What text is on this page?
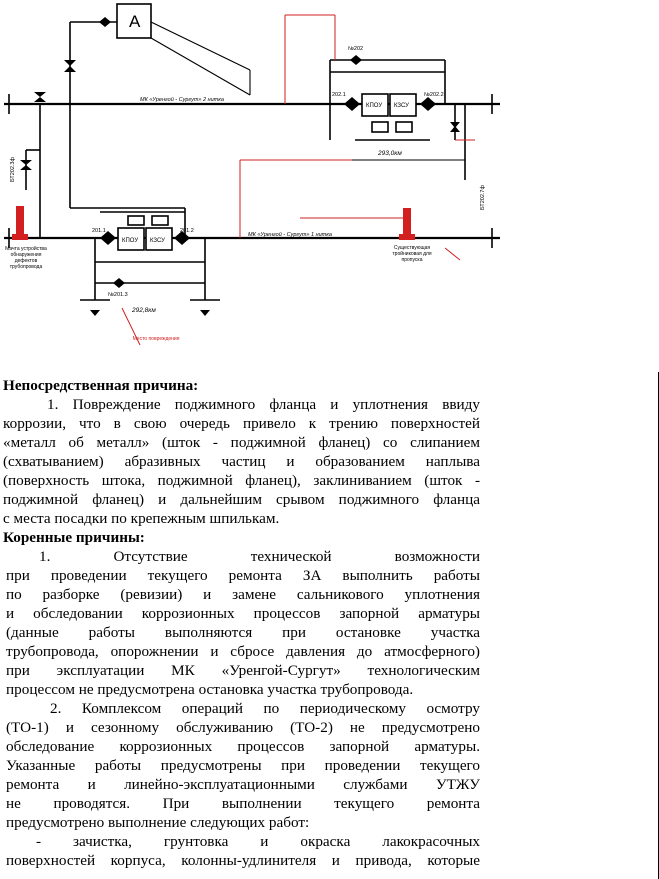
A
МК «Уренгой - Сургут» 2 нитка
МК «Уренгой - Сургут» 1 нитка
КПОУ КЗСУ
КПОУ КЗСУ
202.1	№202.2
№202
201.1	201.2
№201.3
293,0км
292,8км
Мачта устройства обнаружения дефектов трубопровода
Существующая тройниковая для пропуска
Место повреждения
БТ202.3ф
БТ202.7ф
Непосредственная причина:
1. Повреждение поджимного фланца и уплотнения ввиду
коррозии, что в свою очередь привело к трению поверхностей
«металл об металл» (шток - поджимной фланец) со слипанием
(схватыванием) абразивных частиц и образованием наплыва
(поверхность штока, поджимной фланец), заклиниванием (шток -
поджимной фланец) и дальнейшим срывом поджимного фланца
с места посадки по крепежным шпилькам.
Коренные причины:
1. Отсутствие технической возможности
при проведении текущего ремонта ЗА выполнить работы
по разборке (ревизии) и замене сальникового уплотнения
и обследовании коррозионных процессов запорной арматуры
(данные работы выполняются при остановке участка
трубопровода, опорожнении и сбросе давления до атмосферного)
при эксплуатации МК «Уренгой-Сургут» технологическим
процессом не предусмотрена остановка участка трубопровода.
2. Комплексом операций по периодическому осмотру
(ТО-1) и сезонному обслуживанию (ТО-2) не предусмотрено
обследование коррозионных процессов запорной арматуры.
Указанные работы предусмотрены при проведении текущего
ремонта и линейно-эксплуатационными службами УТЖУ
не проводятся. При выполнении текущего ремонта
предусмотрено выполнение следующих работ:
- зачистка, грунтовка и окраска лакокрасочных
поверхностей корпуса, колонны-удлинителя и привода, которые
